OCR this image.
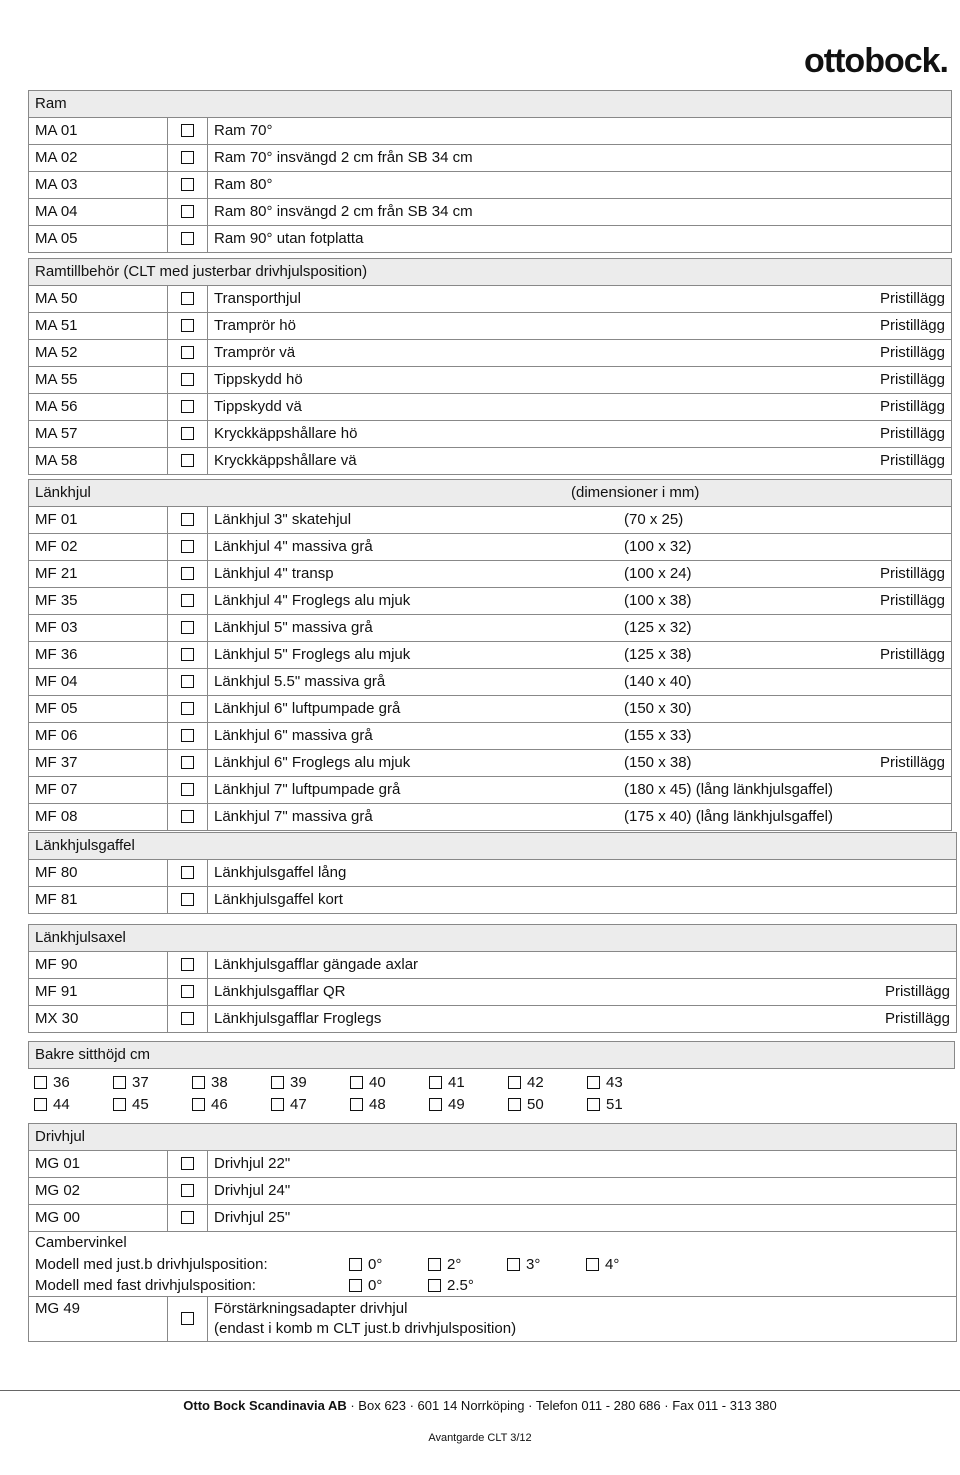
ottobock.
Ram
MA 01	Ram 70°
MA 02	Ram 70° insvängd 2 cm från SB 34 cm
MA 03	Ram 80°
MA 04	Ram 80° insvängd 2 cm från SB 34 cm
MA 05	Ram 90° utan fotplatta
Ramtillbehör (CLT med justerbar drivhjulsposition)
MA 50	Transporthjul	Pristillägg
MA 51	Tramprör hö	Pristillägg
MA 52	Tramprör vä	Pristillägg
MA 55	Tippskydd hö	Pristillägg
MA 56	Tippskydd vä	Pristillägg
MA 57	Kryckkäppshållare hö	Pristillägg
MA 58	Kryckkäppshållare vä	Pristillägg
Länkhjul	(dimensioner i mm)
MF 01	Länkhjul 3" skatehjul	(70 x 25)
MF 02	Länkhjul 4" massiva grå	(100 x 32)
MF 21	Länkhjul 4" transp	(100 x 24)	Pristillägg
MF 35	Länkhjul 4" Froglegs alu mjuk	(100 x 38)	Pristillägg
MF 03	Länkhjul 5" massiva grå	(125 x 32)
MF 36	Länkhjul 5" Froglegs alu mjuk	(125 x 38)	Pristillägg
MF 04	Länkhjul 5.5" massiva grå	(140 x 40)
MF 05	Länkhjul 6" luftpumpade grå	(150 x 30)
MF 06	Länkhjul 6" massiva grå	(155 x 33)
MF 37	Länkhjul 6" Froglegs alu mjuk	(150 x 38)	Pristillägg
MF 07	Länkhjul 7" luftpumpade grå	(180 x 45) (lång länkhjulsgaffel)
MF 08	Länkhjul 7" massiva grå	(175 x 40) (lång länkhjulsgaffel)
Länkhjulsgaffel
MF 80	Länkhjulsgaffel lång
MF 81	Länkhjulsgaffel kort
Länkhjulsaxel
MF 90	Länkhjulsgafflar gängade axlar
MF 91	Länkhjulsgafflar QR	Pristillägg
MX 30	Länkhjulsgafflar Froglegs	Pristillägg
Bakre sitthöjd cm
36	37	38	39	40	41	42	43
44	45	46	47	48	49	50	51
Drivhjul
MG 01	Drivhjul 22"
MG 02	Drivhjul 24"
MG 00	Drivhjul 25"
Cambervinkel
Modell med just.b drivhjulsposition:	0°	2°	3°	4°
Modell med fast drivhjulsposition:	0°	2.5°
MG 49	Förstärkningsadapter drivhjul
(endast i komb m CLT just.b drivhjulsposition)
Otto Bock Scandinavia AB · Box 623 · 601 14 Norrköping · Telefon 011 - 280 686 · Fax 011 - 313 380
Avantgarde CLT 3/12
